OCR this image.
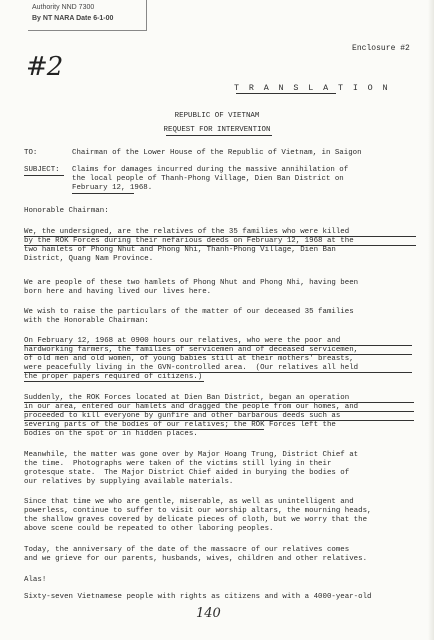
Authority NND 7300
By NT NARA Date 6-1-00
Enclosure #2
#2
T R A N S L A T I O N
REPUBLIC OF VIETNAM
REQUEST FOR INTERVENTION
TO:	Chairman of the Lower House of the Republic of Vietnam, in Saigon
SUBJECT: Claims for damages incurred during the massive annihilation of
the local people of Thanh-Phong Village, Dien Ban District on
February 12, 1968.
Honorable Chairman:
We, the undersigned, are the relatives of the 35 families who were killed
by the ROK Forces during their nefarious deeds on February 12, 1968 at the
two hamlets of Phong Nhut and Phong Nhi, Thanh-Phong Village, Dien Ban
District, Quang Nam Province.
We are people of these two hamlets of Phong Nhut and Phong Nhi, having been
born here and having lived our lives here.
We wish to raise the particulars of the matter of our deceased 35 families
with the Honorable Chairman:
On February 12, 1968 at 0900 hours our relatives, who were the poor and
hardworking farmers, the families of servicemen and of deceased servicemen,
of old men and old women, of young babies still at their mothers' breasts,
were peacefully living in the GVN-controlled area.  (Our relatives all held
the proper papers required of citizens.)
Suddenly, the ROK Forces located at Dien Ban District, began an operation
in our area, entered our hamlets and dragged the people from our homes, and
proceeded to kill everyone by gunfire and other barbarous deeds such as
severing parts of the bodies of our relatives; the ROK Forces left the
bodies on the spot or in hidden places.
Meanwhile, the matter was gone over by Major Hoang Trung, District Chief at
the time.  Photographs were taken of the victims still lying in their
grotesque state.  The Major District Chief aided in burying the bodies of
our relatives by supplying available materials.
Since that time we who are gentle, miserable, as well as unintelligent and
powerless, continue to suffer to visit our worship altars, the mourning heads,
the shallow graves covered by delicate pieces of cloth, but we worry that the
above scene could be repeated to other laboring peoples.
Today, the anniversary of the date of the massacre of our relatives comes
and we grieve for our parents, husbands, wives, children and other relatives.
Alas!
Sixty-seven Vietnamese people with rights as citizens and with a 4000-year-old
140
